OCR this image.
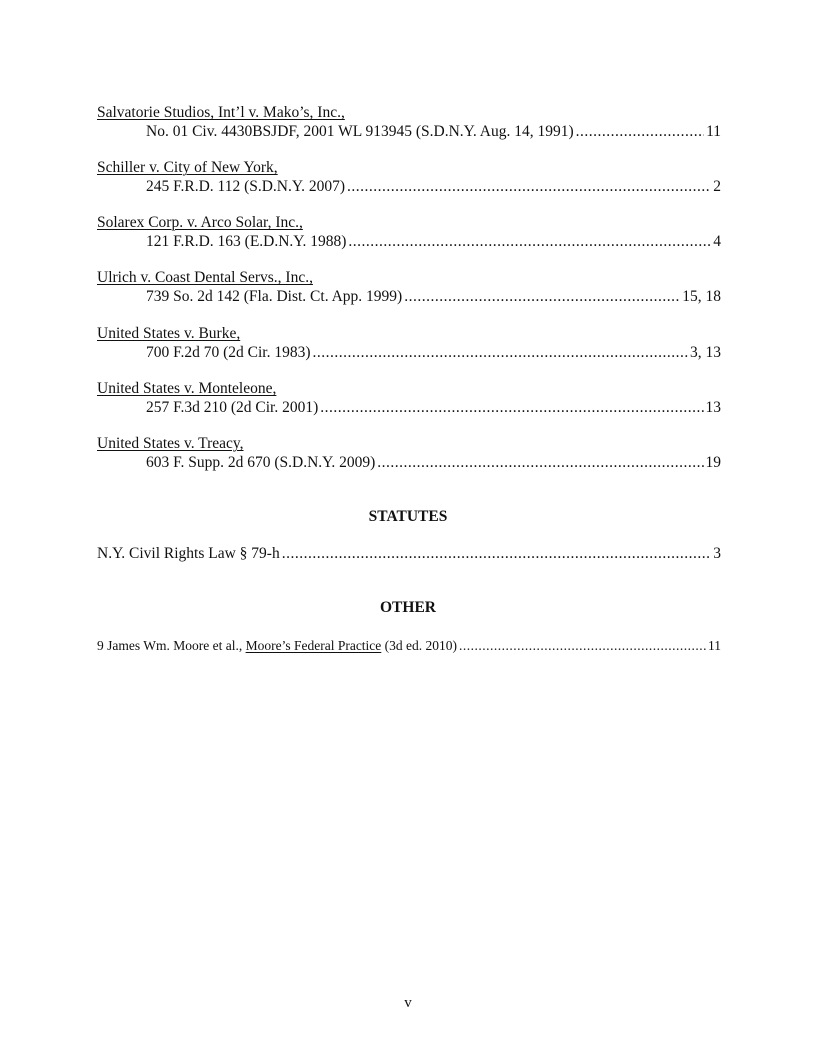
Salvatorie Studios, Int’l v. Mako’s, Inc.,
No. 01 Civ. 4430BSJDF, 2001 WL 913945 (S.D.N.Y. Aug. 14, 1991) .....	11
Schiller v. City of New York,
245 F.R.D. 112 (S.D.N.Y. 2007) .....	2
Solarex Corp. v. Arco Solar, Inc.,
121 F.R.D. 163 (E.D.N.Y. 1988) .....	4
Ulrich v. Coast Dental Servs., Inc.,
739 So. 2d 142 (Fla. Dist. Ct. App. 1999) .....	15, 18
United States v. Burke,
700 F.2d 70 (2d Cir. 1983) .....	3, 13
United States v. Monteleone,
257 F.3d 210 (2d Cir. 2001) .....	13
United States v. Treacy,
603 F. Supp. 2d 670 (S.D.N.Y. 2009) .....	19
STATUTES
N.Y. Civil Rights Law § 79-h .....	3
OTHER
9 James Wm. Moore et al., Moore’s Federal Practice (3d ed. 2010) .....	11
v
